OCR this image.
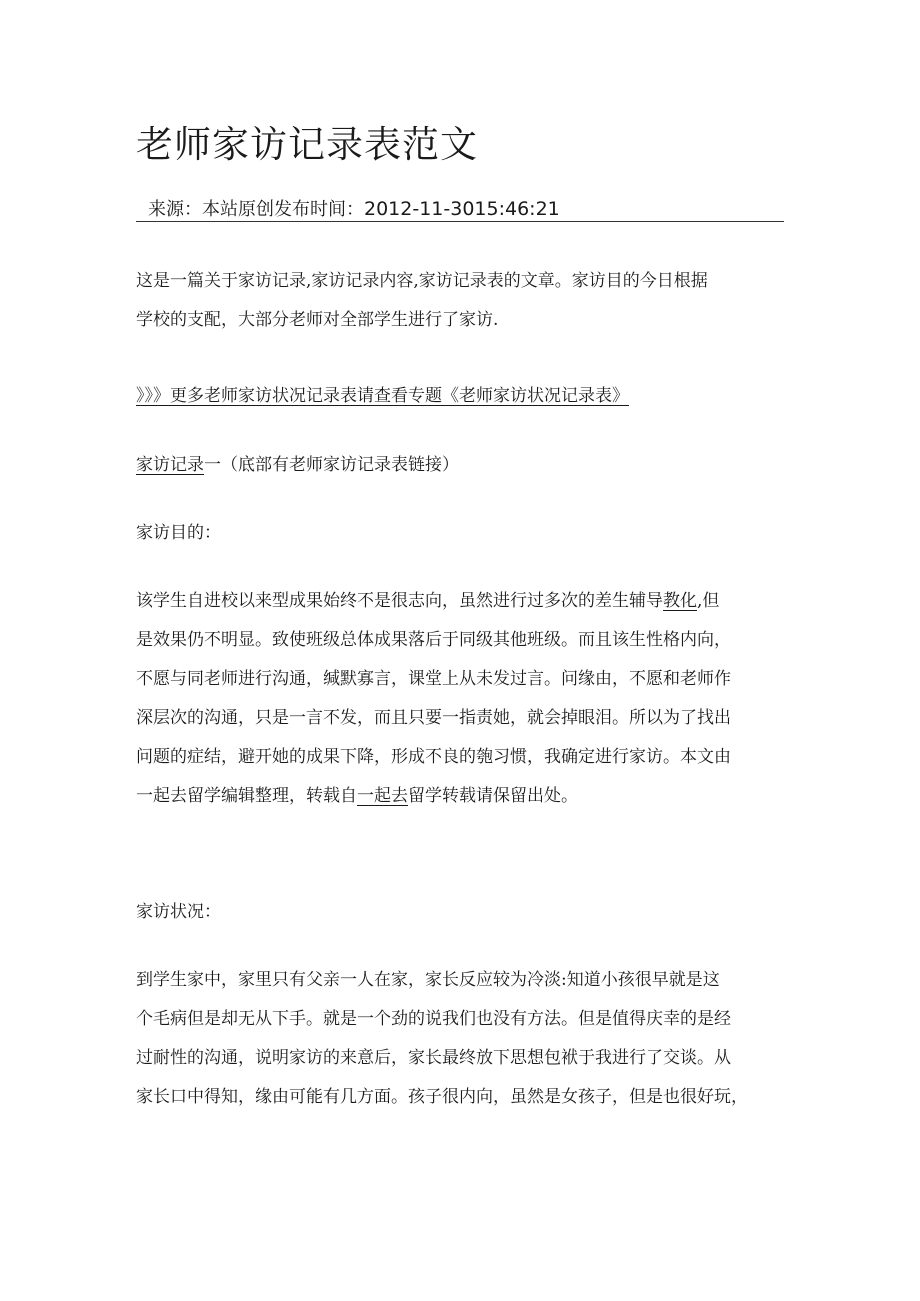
老师家访记录表范文
来源：本站原创发布时间：2012-11-3015:46:21
这是一篇关于家访记录,家访记录内容,家访记录表的文章。家访目的今日根据
学校的支配，大部分老师对全部学生进行了家访.
》》》更多老师家访状况记录表请查看专题《老师家访状况记录表》
家访记录一（底部有老师家访记录表链接）
家访目的：
该学生自进校以来型成果始终不是很志向，虽然进行过多次的差生辅导教化,但
是效果仍不明显。致使班级总体成果落后于同级其他班级。而且该生性格内向，
不愿与同老师进行沟通，缄默寡言，课堂上从未发过言。问缘由，不愿和老师作
深层次的沟通，只是一言不发，而且只要一指责她，就会掉眼泪。所以为了找出
问题的症结，避开她的成果下降，形成不良的匏习惯，我确定进行家访。本文由
一起去留学编辑整理，转载自一起去留学转载请保留出处。
家访状况：
到学生家中，家里只有父亲一人在家，家长反应较为冷淡:知道小孩很早就是这
个毛病但是却无从下手。就是一个劲的说我们也没有方法。但是值得庆幸的是经
过耐性的沟通，说明家访的来意后，家长最终放下思想包袱于我进行了交谈。从
家长口中得知，缘由可能有几方面。孩子很内向，虽然是女孩子，但是也很好玩，
